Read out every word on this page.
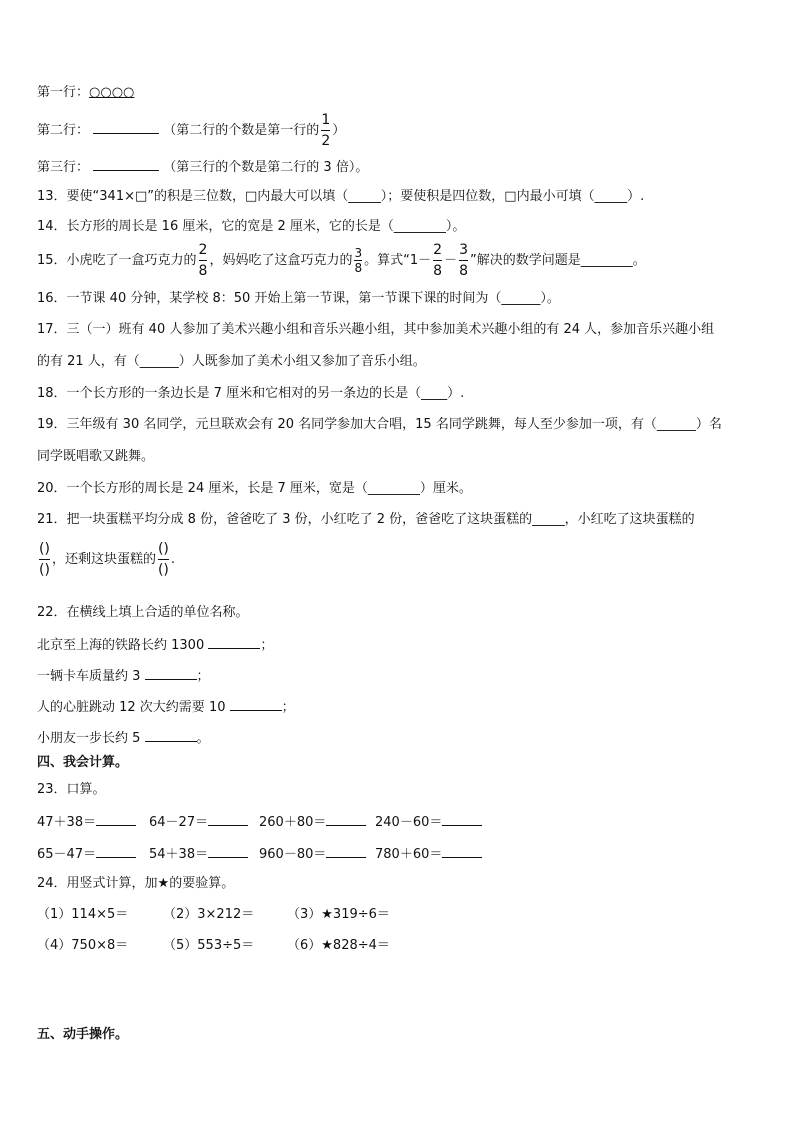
第一行：○○○○
第二行：	（第二行的个数是第一行的 $\frac{1}{2}$ ）
第三行：	（第三行的个数是第二行的 3 倍）。
13．要使“341×□”的积是三位数，□内最大可以填（_____）；要使积是四位数，□内最小可填（_____）.
14．长方形的周长是 16 厘米，它的宽是 2 厘米，它的长是（________）。
15．小虎吃了一盒巧克力的 $\frac{2}{8}$ ，妈妈吃了这盒巧克力的 $\frac{3}{8}$ 。算式“$1- \frac{2}{8} - \frac{3}{8}$ ”解决的数学问题是________。
16．一节课 40 分钟，某学校 8：50 开始上第一节课，第一节课下课的时间为（______）。
17．三（一）班有 40 人参加了美术兴趣小组和音乐兴趣小组，其中参加美术兴趣小组的有 24 人，参加音乐兴趣小组
的有 21 人，有（______）人既参加了美术小组又参加了音乐小组。
18．一个长方形的一条边长是 7 厘米和它相对的另一条边的长是（____）.
19．三年级有 30 名同学，元旦联欢会有 20 名同学参加大合唱，15 名同学跳舞，每人至少参加一项，有（______）名
同学既唱歌又跳舞。
20．一个长方形的周长是 24 厘米，长是 7 厘米，宽是（________）厘米。
21．把一块蛋糕平均分成 8 份，爸爸吃了 3 份，小红吃了 2 份，爸爸吃了这块蛋糕的_____，小红吃了这块蛋糕的
$\frac{()}{()}$ ，还剩这块蛋糕的 $\frac{()}{()}$ .
22．在横线上填上合适的单位名称。
北京至上海的铁路长约 1300	；
一辆卡车质量约 3	；
人的心脏跳动 12 次大约需要 10	；
小朋友一步长约 5	。
四、我会计算。
23．口算。
47＋38＝	64－27＝	260＋80＝	240－60＝
65－47＝	54＋38＝	960－80＝	780＋60＝
24．用竖式计算，加★的要验算。
（1）114×5＝	（2）3×212＝	（3）★319÷6＝
（4）750×8＝	（5）553÷5＝	（6）★828÷4＝
五、动手操作。
